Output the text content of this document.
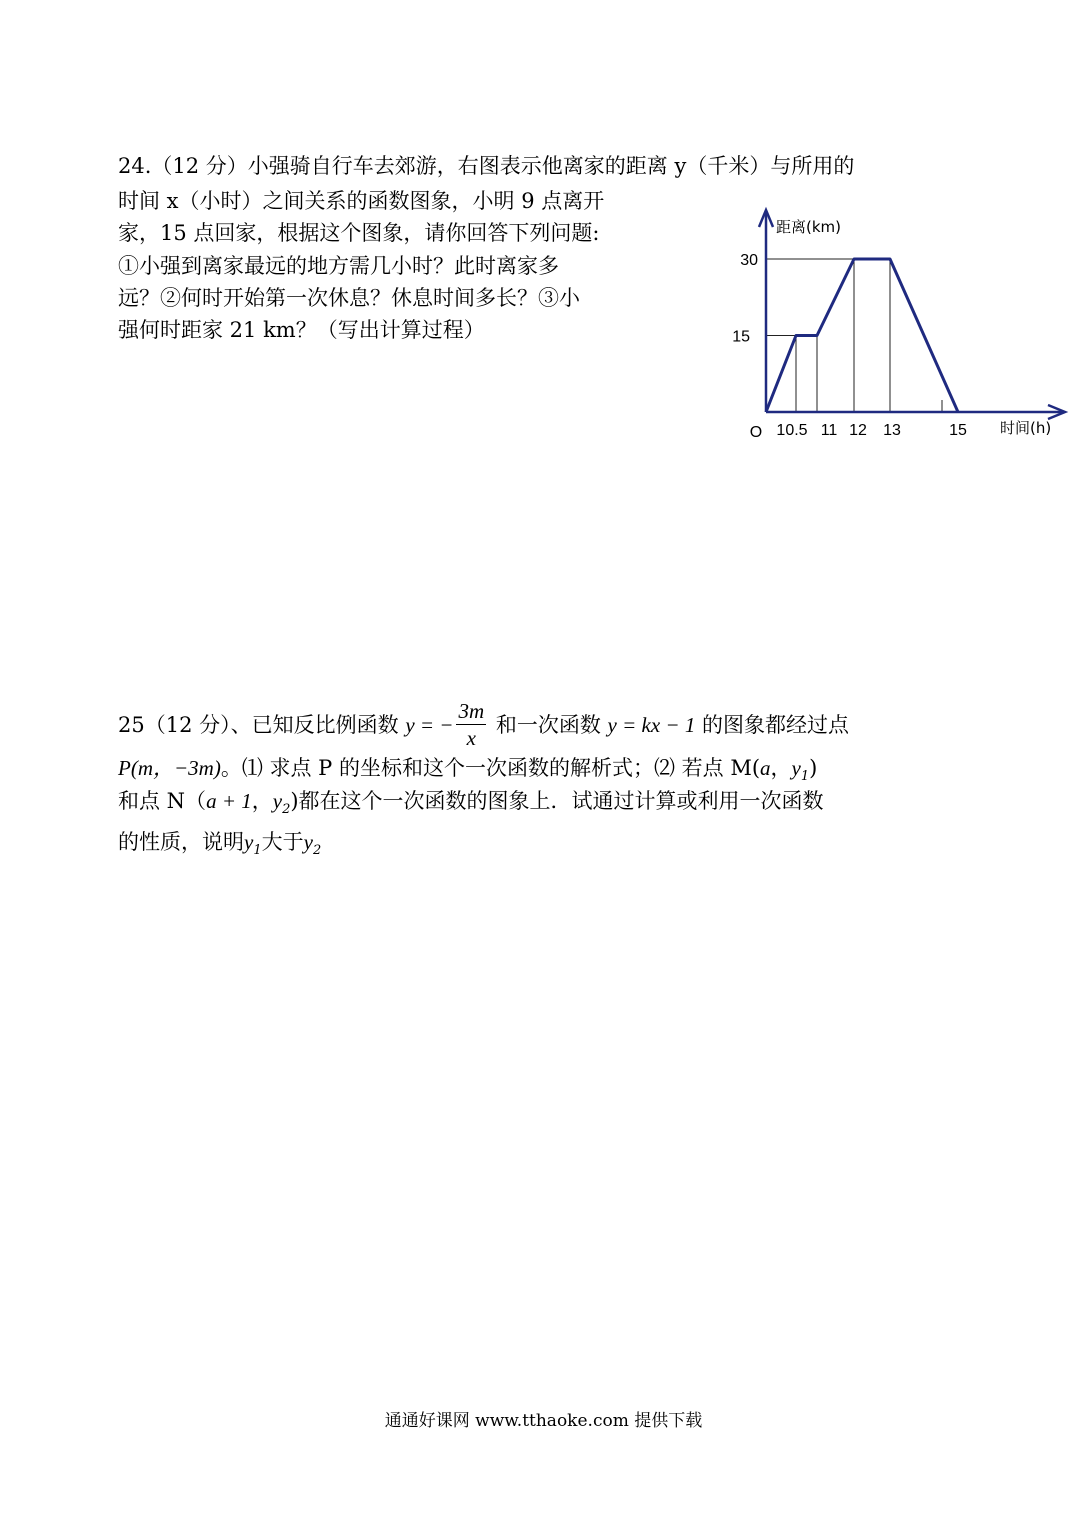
24.（12 分）小强骑自行车去郊游，右图表示他离家的距离 y（千米）与所用的
时间 x（小时）之间关系的函数图象，小明 9 点离开
家，15 点回家，根据这个图象，请你回答下列问题:
①小强到离家最远的地方需几小时？此时离家多
远？②何时开始第一次休息？休息时间多长？③小
强何时距家 21 km？（写出计算过程）
距离(km)
时间(h)
O
15
30
10.5 11 12 13	15
25（12 分）、已知反比例函数 y = − $\frac{3m}{x}$ 和一次函数 y = kx − 1 的图象都经过点
P(m，−3m)。⑴ 求点 P 的坐标和这个一次函数的解析式；⑵ 若点 M(a，$y_1$)
和点 N（a + 1，$y_2$)都在这个一次函数的图象上．试通过计算或利用一次函数
的性质，说明$y_1$大于$y_2$
通通好课网 www.tthaoke.com 提供下载
